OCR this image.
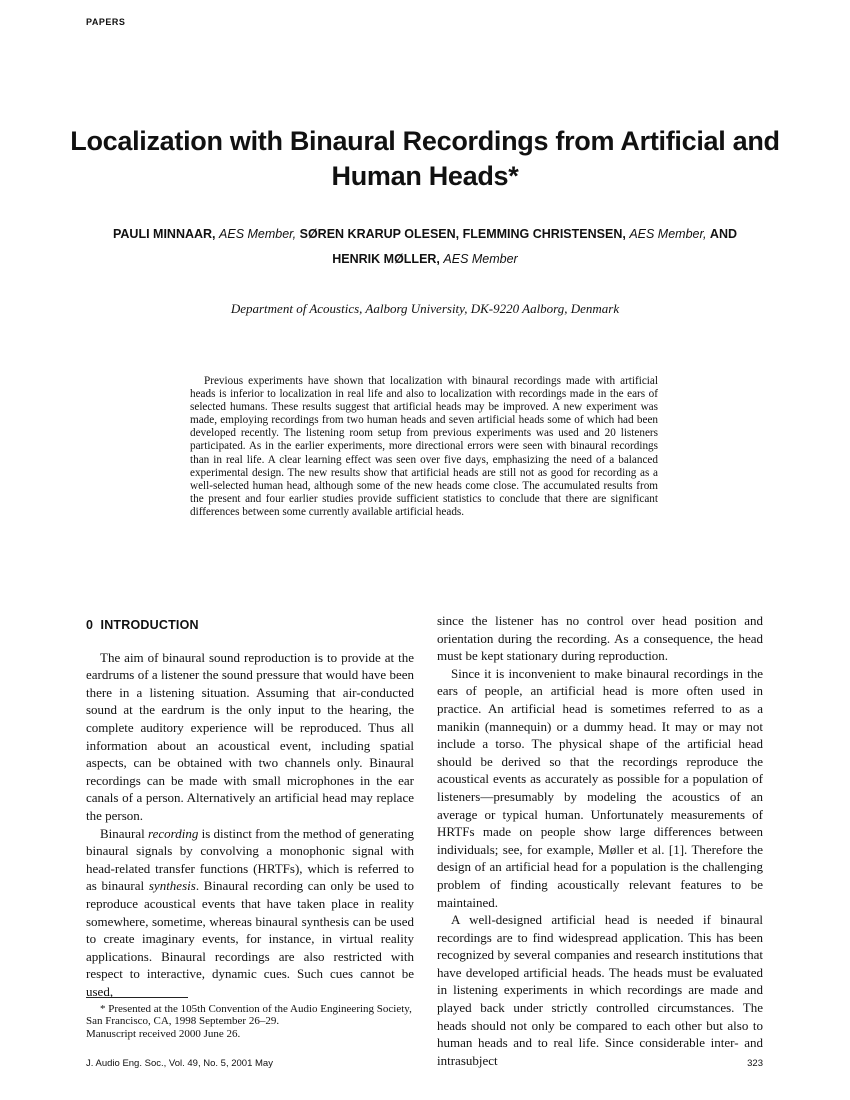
PAPERS
Localization with Binaural Recordings from Artificial and Human Heads*
PAULI MINNAAR, AES Member, SØREN KRARUP OLESEN, FLEMMING CHRISTENSEN, AES Member, AND
HENRIK MØLLER, AES Member
Department of Acoustics, Aalborg University, DK-9220 Aalborg, Denmark
Previous experiments have shown that localization with binaural recordings made with artificial heads is inferior to localization in real life and also to localization with recordings made in the ears of selected humans. These results suggest that artificial heads may be improved. A new experiment was made, employing recordings from two human heads and seven artificial heads some of which had been developed recently. The listening room setup from previous experiments was used and 20 listeners participated. As in the earlier experiments, more directional errors were seen with binaural recordings than in real life. A clear learning effect was seen over five days, emphasizing the need of a balanced experimental design. The new results show that artificial heads are still not as good for recording as a well-selected human head, although some of the new heads come close. The accumulated results from the present and four earlier studies provide sufficient statistics to conclude that there are significant differences between some currently available artificial heads.
0 INTRODUCTION

The aim of binaural sound reproduction is to provide at the eardrums of a listener the sound pressure that would have been there in a listening situation. Assuming that air-conducted sound at the eardrum is the only input to the hearing, the complete auditory experience will be reproduced. Thus all information about an acoustical event, including spatial aspects, can be obtained with two channels only. Binaural recordings can be made with small microphones in the ear canals of a person. Alternatively an artificial head may replace the person.

Binaural recording is distinct from the method of generating binaural signals by convolving a monophonic signal with head-related transfer functions (HRTFs), which is referred to as binaural synthesis. Binaural recording can only be used to reproduce acoustical events that have taken place in reality somewhere, sometime, whereas binaural synthesis can be used to create imaginary events, for instance, in virtual reality applications. Binaural recordings are also restricted with respect to interactive, dynamic cues. Such cues cannot be used,

since the listener has no control over head position and orientation during the recording. As a consequence, the head must be kept stationary during reproduction.

Since it is inconvenient to make binaural recordings in the ears of people, an artificial head is more often used in practice. An artificial head is sometimes referred to as a manikin (mannequin) or a dummy head. It may or may not include a torso. The physical shape of the artificial head should be derived so that the recordings reproduce the acoustical events as accurately as possible for a population of listeners—presumably by modeling the acoustics of an average or typical human. Unfortunately measurements of HRTFs made on people show large differences between individuals; see, for example, Møller et al. [1]. Therefore the design of an artificial head for a population is the challenging problem of finding acoustically relevant features to be maintained.

A well-designed artificial head is needed if binaural recordings are to find widespread application. This has been recognized by several companies and research institutions that have developed artificial heads. The heads must be evaluated in listening experiments in which recordings are made and played back under strictly controlled circumstances. The heads should not only be compared to each other but also to human heads and to real life. Since considerable inter- and intrasubject

* Presented at the 105th Convention of the Audio Engineering Society, San Francisco, CA, 1998 September 26–29.

Manuscript received 2000 June 26.

J. Audio Eng. Soc., Vol. 49, No. 5, 2001 May	323
